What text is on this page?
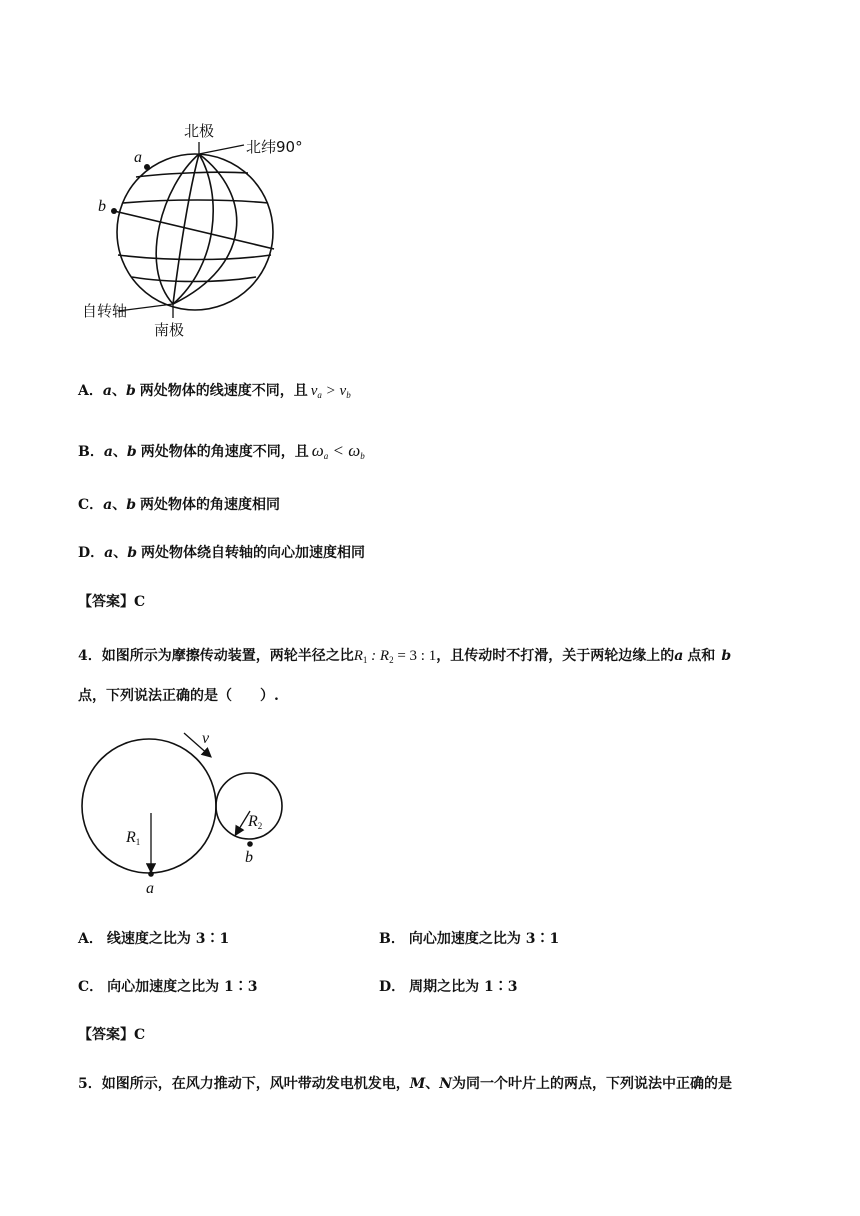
北极
北纬90°
a
b
自转轴
南极
A．a、b 两处物体的线速度不同，且 $v_a > v_b$
B．a、b 两处物体的角速度不同，且 $\omega_a < \omega_b$
C．a、b 两处物体的角速度相同
D．a、b 两处物体绕自转轴的向心加速度相同
【答案】C
4．如图所示为摩擦传动装置，两轮半径之比$R_1$ : $R_2 = 3$ : 1，且传动时不打滑，关于两轮边缘上的a 点和 b
点，下列说法正确的是（　　）.
v
$R_1$
$R_2$
a
b
A． 线速度之比为 3∶1	B． 向心加速度之比为 3∶1
C． 向心加速度之比为 1∶3	D． 周期之比为 1∶3
【答案】C
5．如图所示，在风力推动下，风叶带动发电机发电，M、N为同一个叶片上的两点，下列说法中正确的是
